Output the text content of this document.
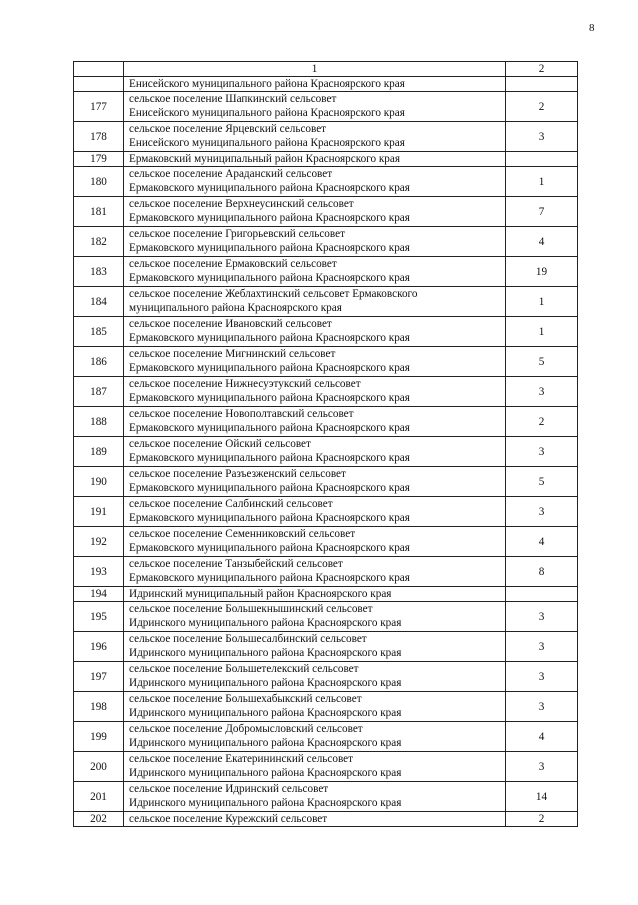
8
	1	2

	Енисейского муниципального района Красноярского края	

177	сельское поселение Шапкинский сельсовет
Енисейского муниципального района Красноярского края	2
178	сельское поселение Ярцевский сельсовет
Енисейского муниципального района Красноярского края	3
179	Ермаковский муниципальный район Красноярского края	

180	сельское поселение Араданский сельсовет
Ермаковского муниципального района Красноярского края	1
181	сельское поселение Верхнеусинский сельсовет
Ермаковского муниципального района Красноярского края	7
182	сельское поселение Григорьевский сельсовет
Ермаковского муниципального района Красноярского края	4
183	сельское поселение Ермаковский сельсовет
Ермаковского муниципального района Красноярского края	19
184	сельское поселение Жеблахтинский сельсовет Ермаковского
муниципального района Красноярского края	1
185	сельское поселение Ивановский сельсовет
Ермаковского муниципального района Красноярского края	1
186	сельское поселение Мигнинский сельсовет
Ермаковского муниципального района Красноярского края	5
187	сельское поселение Нижнесуэтукский сельсовет
Ермаковского муниципального района Красноярского края	3
188	сельское поселение Новополтавский сельсовет
Ермаковского муниципального района Красноярского края	2
189	сельское поселение Ойский сельсовет
Ермаковского муниципального района Красноярского края	3
190	сельское поселение Разъезженский сельсовет
Ермаковского муниципального района Красноярского края	5
191	сельское поселение Салбинский сельсовет
Ермаковского муниципального района Красноярского края	3
192	сельское поселение Семенниковский сельсовет
Ермаковского муниципального района Красноярского края	4
193	сельское поселение Танзыбейский сельсовет
Ермаковского муниципального района Красноярского края	8
194	Идринский муниципальный район Красноярского края	

195	сельское поселение Большекнышинский сельсовет
Идринского муниципального района Красноярского края	3
196	сельское поселение Большесалбинский сельсовет
Идринского муниципального района Красноярского края	3
197	сельское поселение Большетелекский сельсовет
Идринского муниципального района Красноярского края	3
198	сельское поселение Большехабыкский сельсовет
Идринского муниципального района Красноярского края	3
199	сельское поселение Добромысловский сельсовет
Идринского муниципального района Красноярского края	4
200	сельское поселение Екатерининский сельсовет
Идринского муниципального района Красноярского края	3
201	сельское поселение Идринский сельсовет
Идринского муниципального района Красноярского края	14
202	сельское поселение Курежский сельсовет	2
